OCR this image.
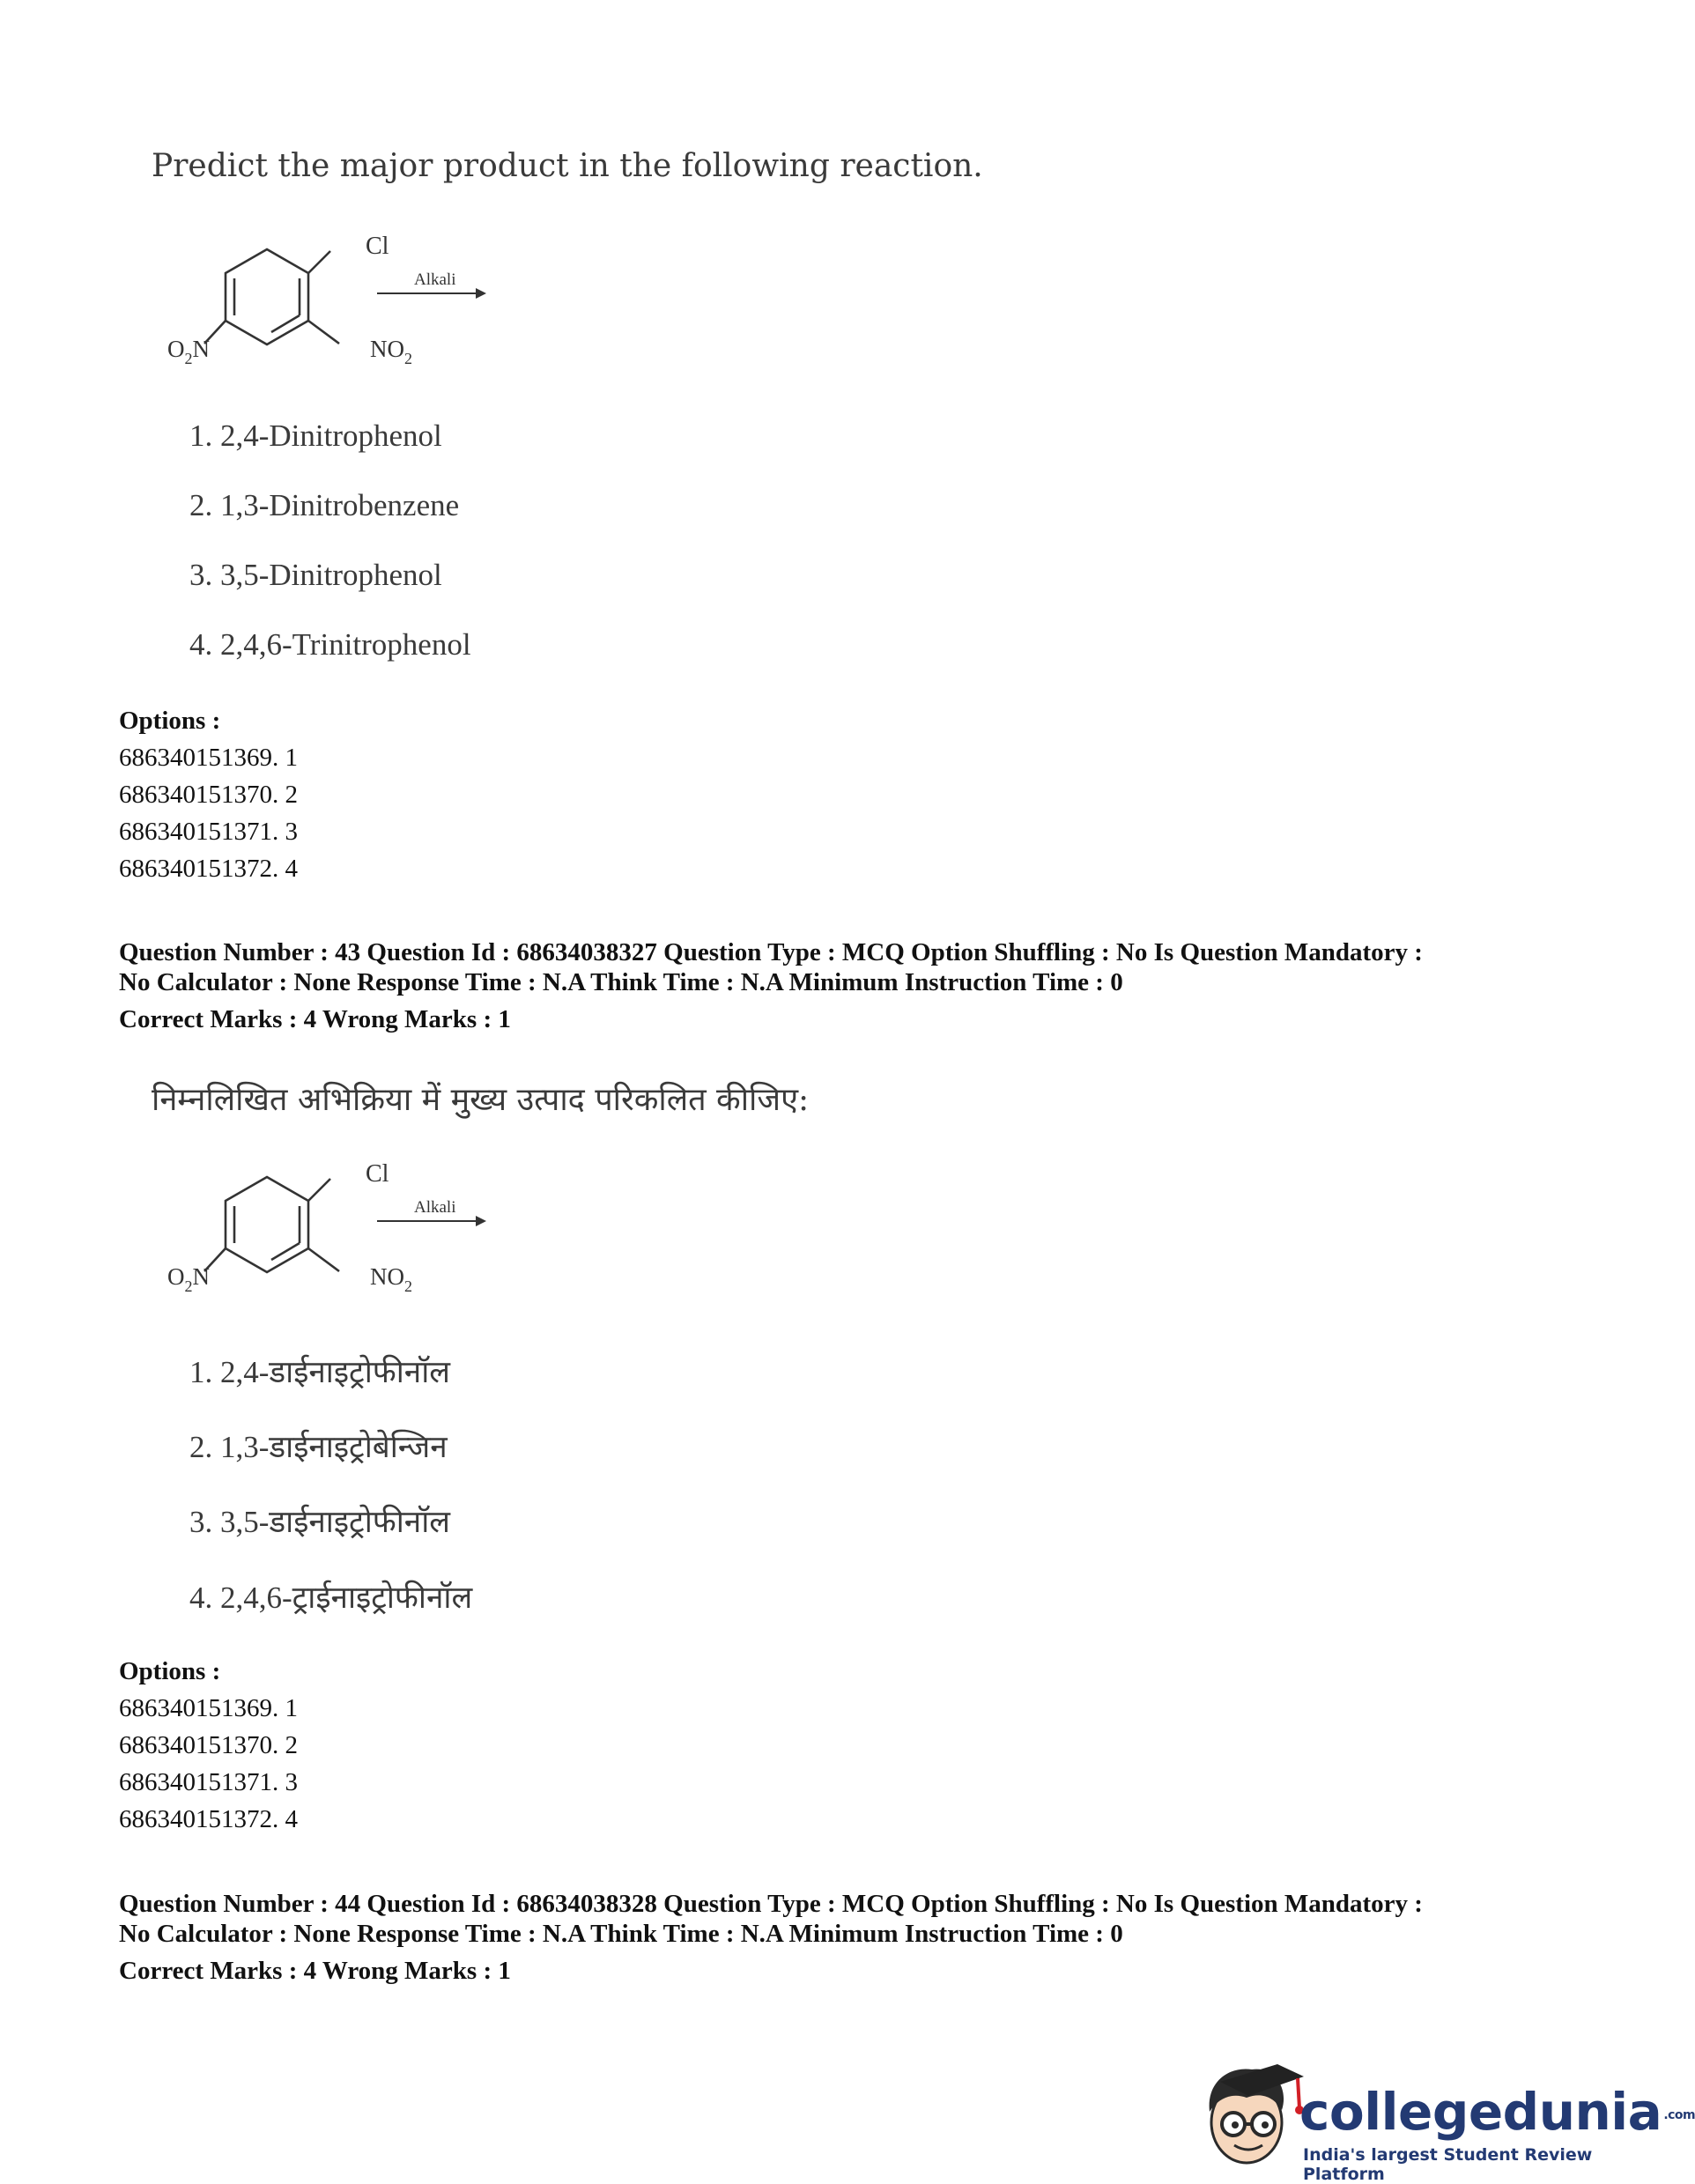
Predict the major product in the following reaction.
Cl
Alkali
$O_2N$	$NO_2$
1. 2,4-Dinitrophenol
2. 1,3-Dinitrobenzene
3. 3,5-Dinitrophenol
4. 2,4,6-Trinitrophenol
Options :
686340151369. 1
686340151370. 2
686340151371. 3
686340151372. 4
Question Number : 43 Question Id : 68634038327 Question Type : MCQ Option Shuffling : No Is Question Mandatory :
No Calculator : None Response Time : N.A Think Time : N.A Minimum Instruction Time : 0
Correct Marks : 4 Wrong Marks : 1
निम्नलिखित अभिक्रिया में मुख्य उत्पाद परिकलित कीजिए:
Cl
Alkali
$O_2N$	$NO_2$
1. 2,4-डाईनाइट्रोफीनॉल
2. 1,3-डाईनाइट्रोबेन्जिन
3. 3,5-डाईनाइट्रोफीनॉल
4. 2,4,6-ट्राईनाइट्रोफीनॉल
Options :
686340151369. 1
686340151370. 2
686340151371. 3
686340151372. 4
Question Number : 44 Question Id : 68634038328 Question Type : MCQ Option Shuffling : No Is Question Mandatory :
No Calculator : None Response Time : N.A Think Time : N.A Minimum Instruction Time : 0
Correct Marks : 4 Wrong Marks : 1
collegedunia .com
India's largest Student Review Platform
